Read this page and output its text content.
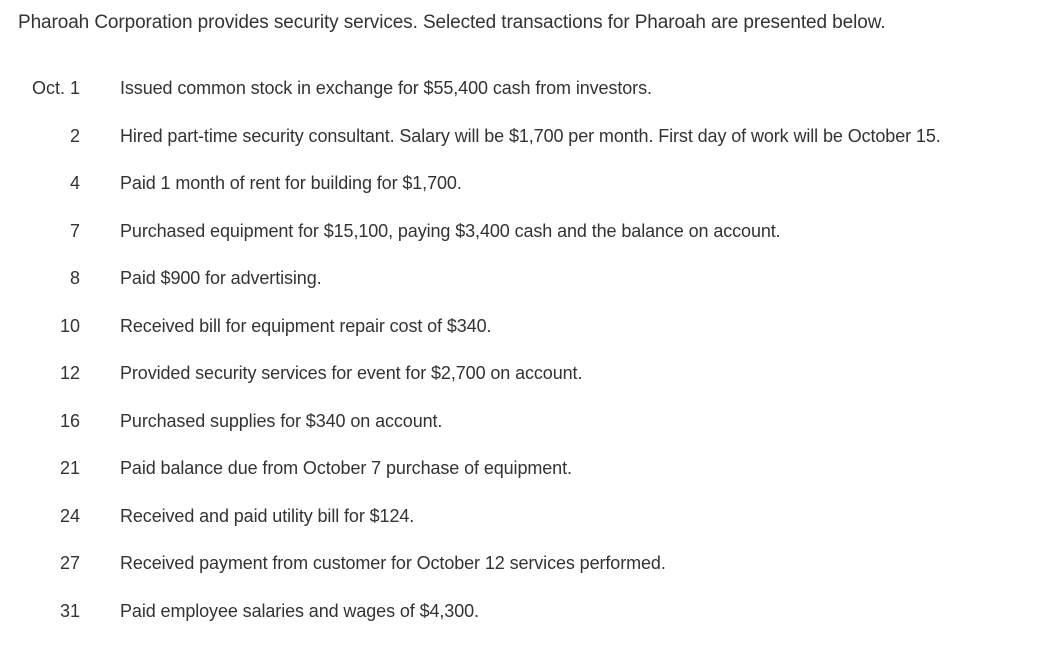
Pharoah Corporation provides security services. Selected transactions for Pharoah are presented below.
Oct. 1 Issued common stock in exchange for $55,400 cash from investors.
2 Hired part-time security consultant. Salary will be $1,700 per month. First day of work will be October 15.
4 Paid 1 month of rent for building for $1,700.
7 Purchased equipment for $15,100, paying $3,400 cash and the balance on account.
8 Paid $900 for advertising.
10 Received bill for equipment repair cost of $340.
12 Provided security services for event for $2,700 on account.
16 Purchased supplies for $340 on account.
21 Paid balance due from October 7 purchase of equipment.
24 Received and paid utility bill for $124.
27 Received payment from customer for October 12 services performed.
31 Paid employee salaries and wages of $4,300.
